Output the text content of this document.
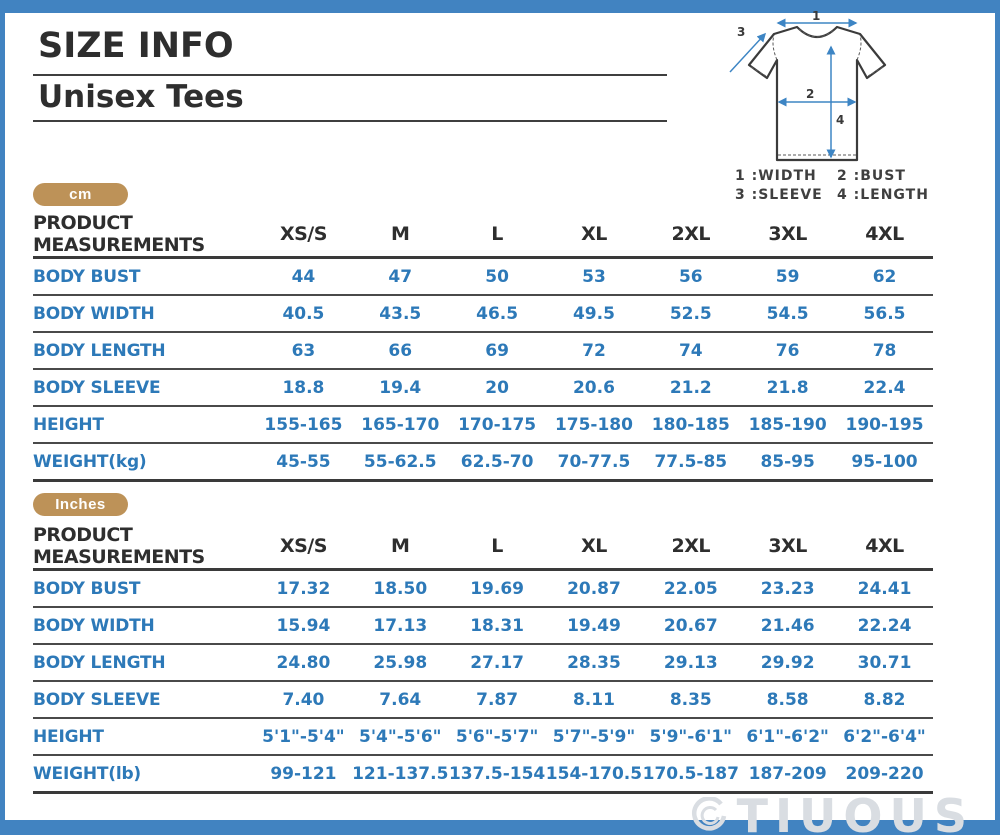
SIZE INFO
Unisex Tees
1
2
3
4
1 :WIDTH 2 :BUST
3 :SLEEVE 4 :LENGTH
cm
PRODUCT MEASUREMENTS	XS/S	M	L	XL	2XL	3XL	4XL
BODY BUST	44	47	50	53	56	59	62
BODY WIDTH	40.5	43.5	46.5	49.5	52.5	54.5	56.5
BODY LENGTH	63	66	69	72	74	76	78
BODY SLEEVE	18.8	19.4	20	20.6	21.2	21.8	22.4
HEIGHT	155-165	165-170	170-175	175-180	180-185	185-190	190-195
WEIGHT(kg)	45-55	55-62.5	62.5-70	70-77.5	77.5-85	85-95	95-100
Inches
PRODUCT MEASUREMENTS	XS/S	M	L	XL	2XL	3XL	4XL
BODY BUST	17.32	18.50	19.69	20.87	22.05	23.23	24.41
BODY WIDTH	15.94	17.13	18.31	19.49	20.67	21.46	22.24
BODY LENGTH	24.80	25.98	27.17	28.35	29.13	29.92	30.71
BODY SLEEVE	7.40	7.64	7.87	8.11	8.35	8.58	8.82
HEIGHT	5'1"-5'4"	5'4"-5'6"	5'6"-5'7"	5'7"-5'9"	5'9"-6'1"	6'1"-6'2"	6'2"-6'4"
WEIGHT(lb)	99-121	121-137.5	137.5-154	154-170.5	170.5-187	187-209	209-220
TIUOUS
